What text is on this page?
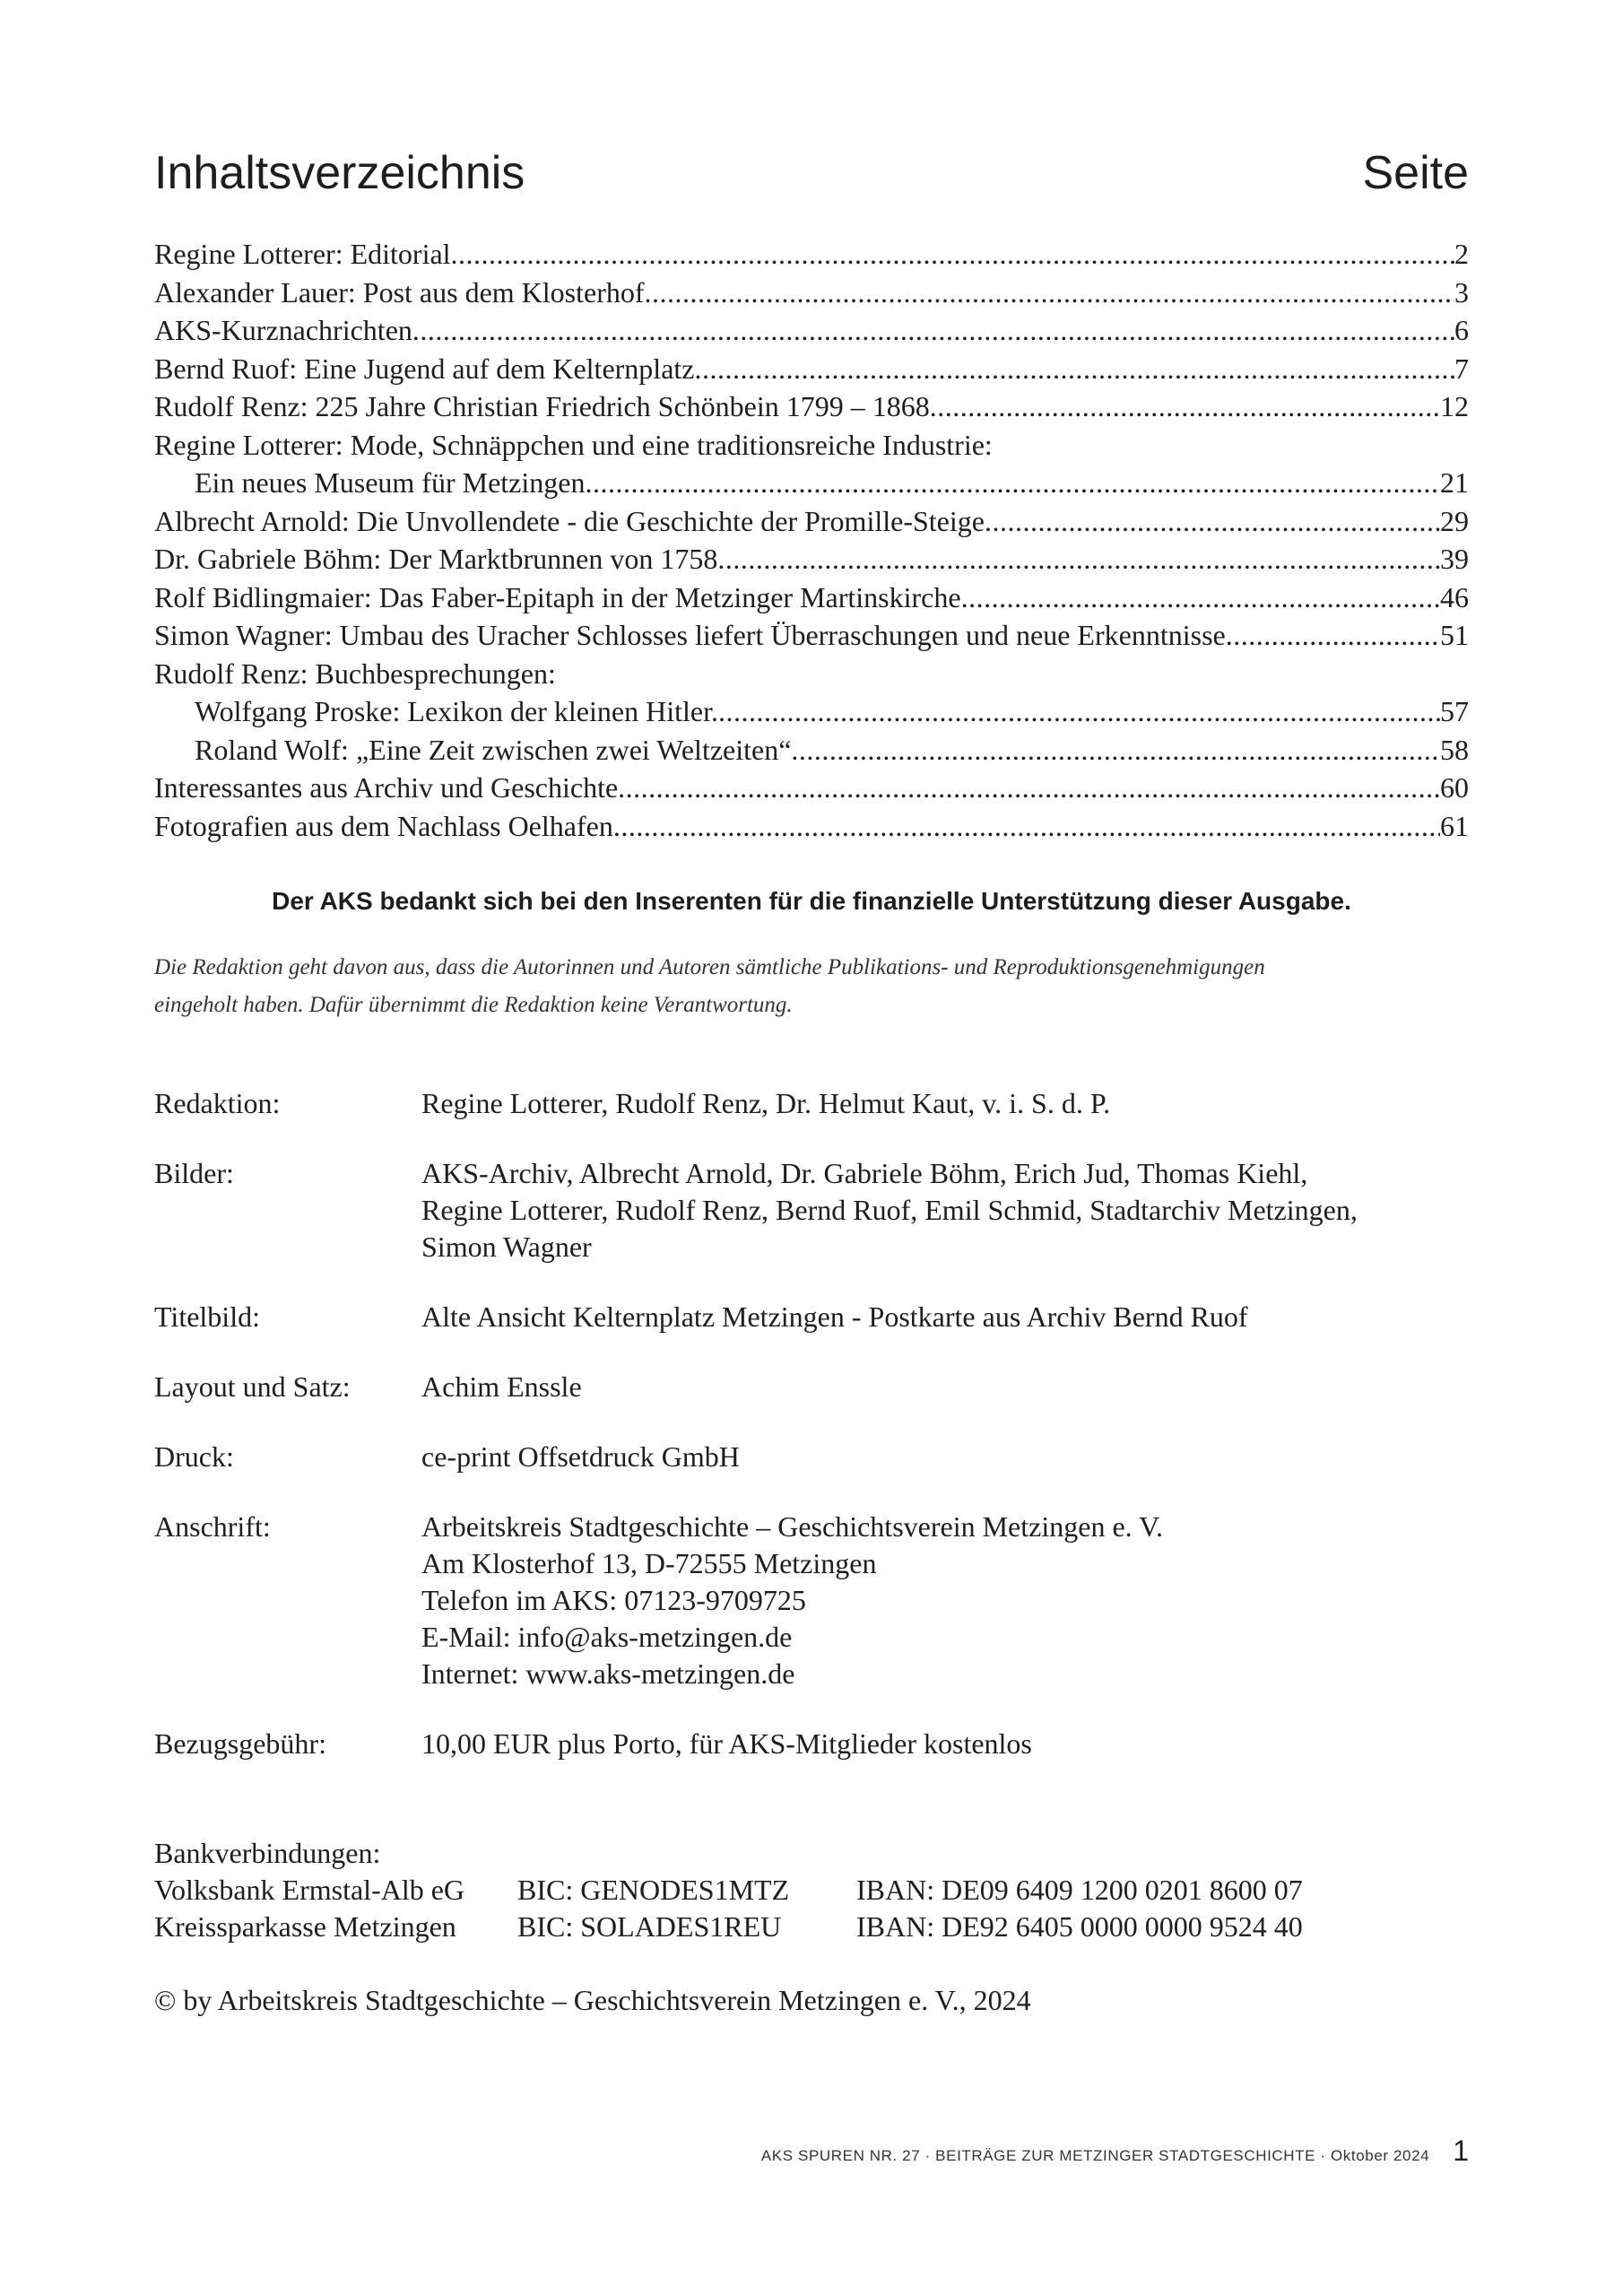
Inhaltsverzeichnis	Seite
Regine Lotterer: Editorial .....	2
Alexander Lauer: Post aus dem Klosterhof .....	3
AKS-Kurznachrichten .....	6
Bernd Ruof: Eine Jugend auf dem Kelternplatz .....	7
Rudolf Renz: 225 Jahre Christian Friedrich Schönbein 1799 – 1868 .....	12
Regine Lotterer: Mode, Schnäppchen und eine traditionsreiche Industrie:
Ein neues Museum für Metzingen .....	21
Albrecht Arnold: Die Unvollendete - die Geschichte der Promille-Steige .....	29
Dr. Gabriele Böhm: Der Marktbrunnen von 1758 .....	39
Rolf Bidlingmaier: Das Faber-Epitaph in der Metzinger Martinskirche .....	46
Simon Wagner: Umbau des Uracher Schlosses liefert Überraschungen und neue Erkenntnisse .....	51
Rudolf Renz: Buchbesprechungen:
Wolfgang Proske: Lexikon der kleinen Hitler. .....	57
Roland Wolf: „Eine Zeit zwischen zwei Weltzeiten“ .....	58
Interessantes aus Archiv und Geschichte .....	60
Fotografien aus dem Nachlass Oelhafen .....	61
Der AKS bedankt sich bei den Inserenten für die finanzielle Unterstützung dieser Ausgabe.
Die Redaktion geht davon aus, dass die Autorinnen und Autoren sämtliche Publikations- und Reproduktionsgenehmigungen
eingeholt haben. Dafür übernimmt die Redaktion keine Verantwortung.
Redaktion:	Regine Lotterer, Rudolf Renz, Dr. Helmut Kaut, v. i. S. d. P.
Bilder:	AKS-Archiv, Albrecht Arnold, Dr. Gabriele Böhm, Erich Jud, Thomas Kiehl,
Regine Lotterer, Rudolf Renz, Bernd Ruof, Emil Schmid, Stadtarchiv Metzingen,
Simon Wagner
Titelbild:	Alte Ansicht Kelternplatz Metzingen - Postkarte aus Archiv Bernd Ruof
Layout und Satz:	Achim Enssle
Druck:	ce-print Offsetdruck GmbH
Anschrift:	Arbeitskreis Stadtgeschichte – Geschichtsverein Metzingen e. V.
Am Klosterhof 13, D-72555 Metzingen
Telefon im AKS: 07123-9709725
E-Mail: info@aks-metzingen.de
Internet: www.aks-metzingen.de
Bezugsgebühr:	10,00 EUR plus Porto, für AKS-Mitglieder kostenlos
Bankverbindungen:
Volksbank Ermstal-Alb eG	BIC: GENODES1MTZ	IBAN: DE09 6409 1200 0201 8600 07
Kreissparkasse Metzingen	BIC: SOLADES1REU	IBAN: DE92 6405 0000 0000 9524 40
© by Arbeitskreis Stadtgeschichte – Geschichtsverein Metzingen e. V., 2024
AKS SPUREN NR. 27 · BEITRÄGE ZUR METZINGER STADTGESCHICHTE · Oktober 2024 1
